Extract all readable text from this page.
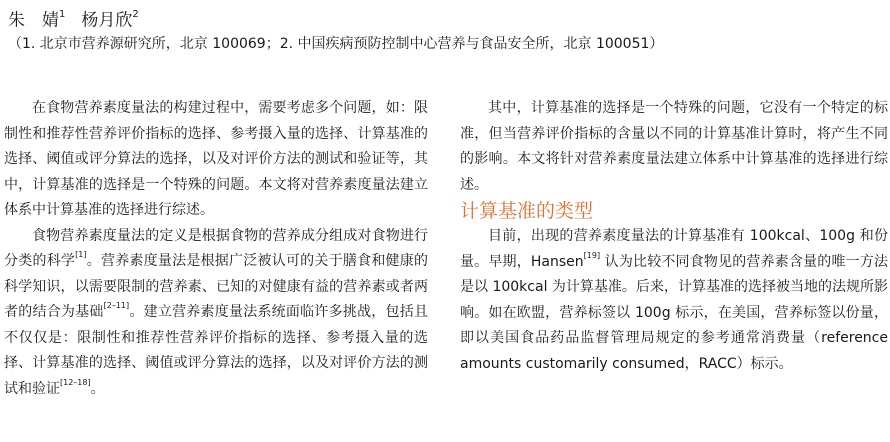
朱　婧$^1$ 杨月欣$^2$
（1. 北京市营养源研究所，北京 100069；2. 中国疾病预防控制中心营养与食品安全所，北京 100051）

在食物营养素度量法的构建过程中，需要考虑多个问题，如：限制性和推荐性营养评价指标的选择、参考摄入量的选择、计算基准的选择、阈值或评分算法的选择，以及对评价方法的测试和验证等，其中，计算基准的选择是一个特殊的问题。本文将对营养素度量法建立体系中计算基准的选择进行综述。

食物营养素度量法的定义是根据食物的营养成分组成对食物进行分类的科学[1]。营养素度量法是根据广泛被认可的关于膳食和健康的科学知识，以需要限制的营养素、已知的对健康有益的营养素或者两者的结合为基础[2–11]。建立营养素度量法系统面临许多挑战，包括且不仅仅是：限制性和推荐性营养评价指标的选择、参考摄入量的选择、计算基准的选择、阈值或评分算法的选择，以及对评价方法的测试和验证[12–18]。

其中，计算基准的选择是一个特殊的问题，它没有一个特定的标准，但当营养评价指标的含量以不同的计算基准计算时，将产生不同的影响。本文将针对营养素度量法建立体系中计算基准的选择进行综述。

计算基准的类型

目前，出现的营养素度量法的计算基准有 100kcal、100g 和份量。早期，Hansen[19] 认为比较不同食物见的营养素含量的唯一方法是以 100kcal 为计算基准。后来，计算基准的选择被当地的法规所影响。如在欧盟，营养标签以 100g 标示，在美国，营养标签以份量，即以美国食品药品监督管理局规定的参考通常消费量（reference amounts customarily consumed，RACC）标示。
